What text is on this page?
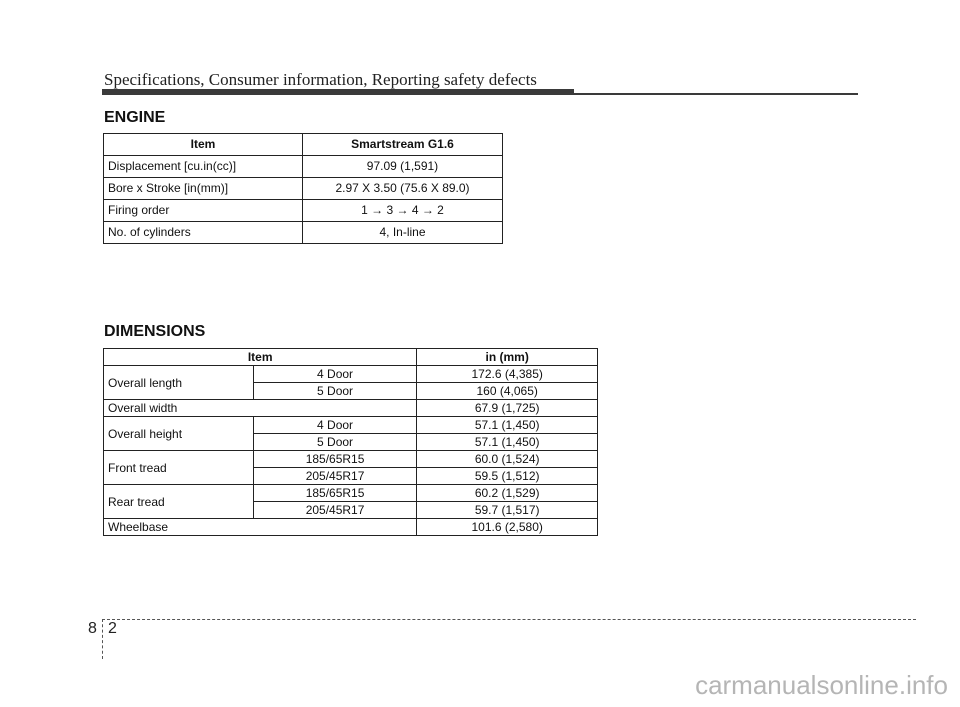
Specifications, Consumer information, Reporting safety defects
ENGINE
Item	Smartstream G1.6
Displacement [cu.in(cc)]	97.09 (1,591)
Bore x Stroke [in(mm)]	2.97 X 3.50 (75.6 X 89.0)
Firing order	1 → 3 → 4 → 2
No. of cylinders	4, In-line
DIMENSIONS
Item		in (mm)
Overall length	4 Door	172.6 (4,385)
	5 Door	160 (4,065)
Overall width		67.9 (1,725)
Overall height	4 Door	57.1 (1,450)
	5 Door	57.1 (1,450)
Front tread	185/65R15	60.0 (1,524)
	205/45R17	59.5 (1,512)
Rear tread	185/65R15	60.2 (1,529)
	205/45R17	59.7 (1,517)
Wheelbase		101.6 (2,580)
8 2
carmanualsonline.info
